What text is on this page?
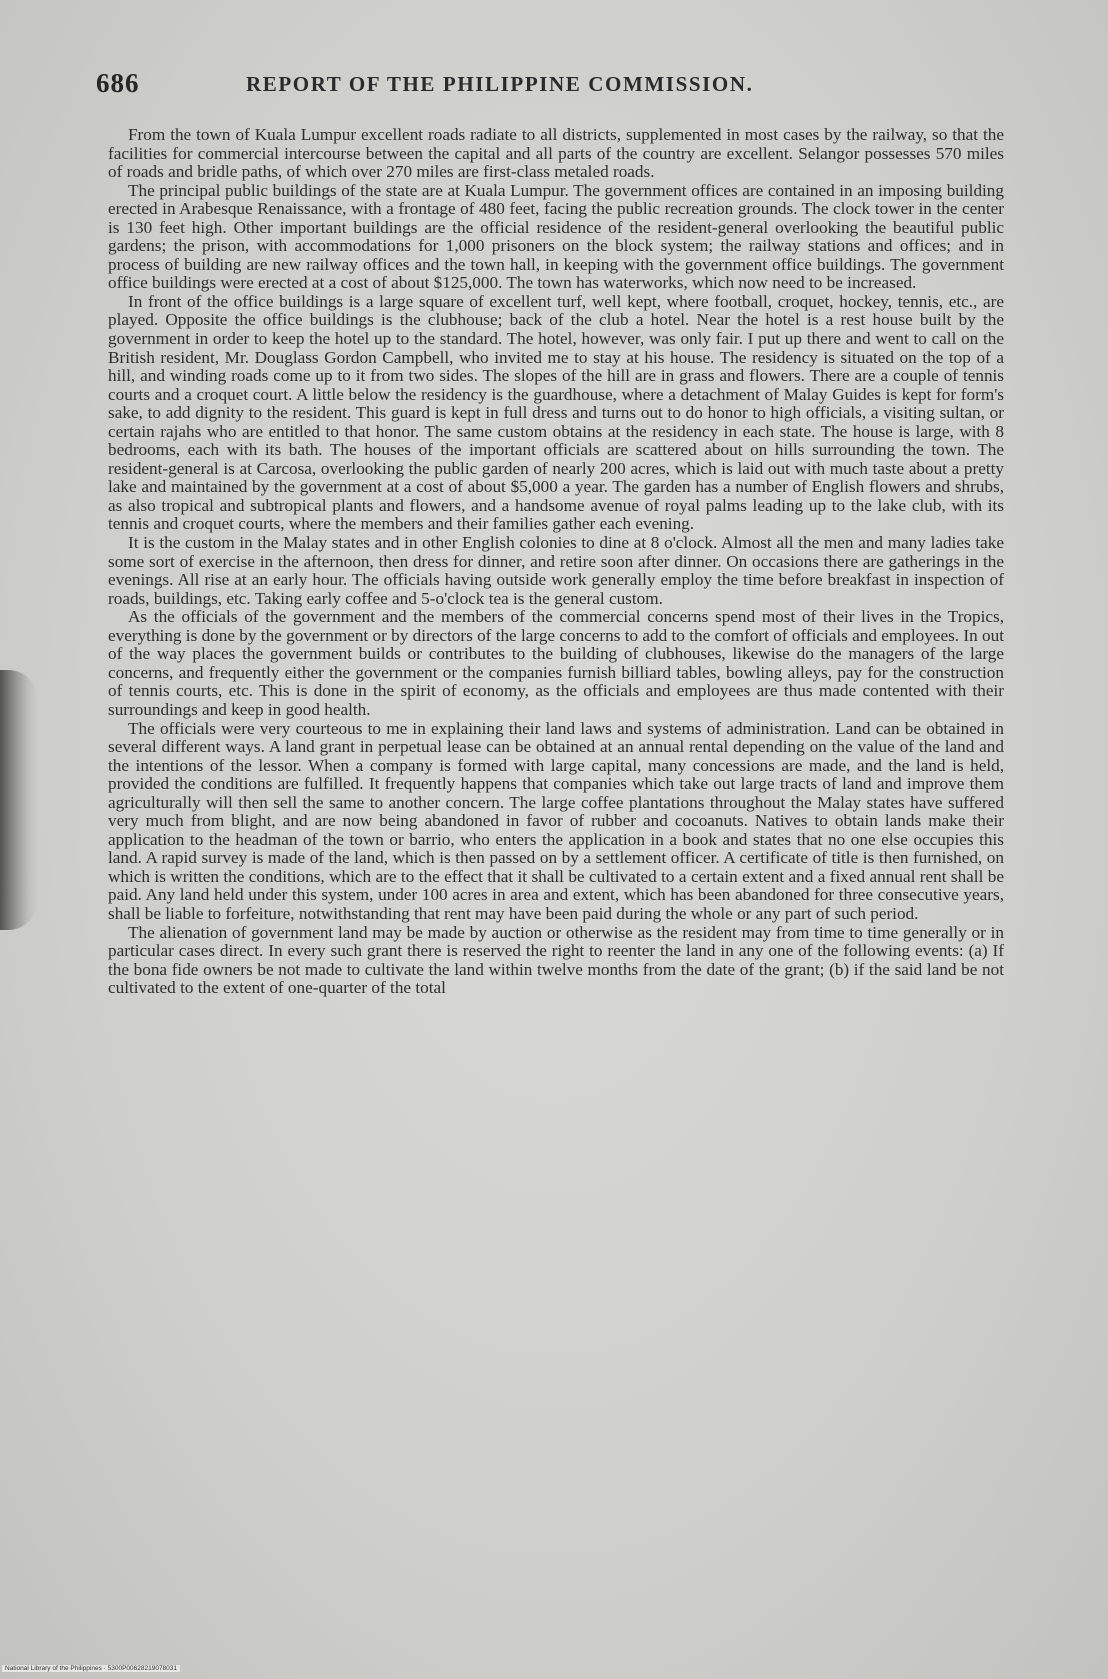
686	REPORT OF THE PHILIPPINE COMMISSION.

From the town of Kuala Lumpur excellent roads radiate to all districts, supplemented in most cases by the railway, so that the facilities for commercial intercourse between the capital and all parts of the country are excellent. Selangor possesses 570 miles of roads and bridle paths, of which over 270 miles are first-class metaled roads.

The principal public buildings of the state are at Kuala Lumpur. The government offices are contained in an imposing building erected in Arabesque Renaissance, with a frontage of 480 feet, facing the public recreation grounds. The clock tower in the center is 130 feet high. Other important buildings are the official residence of the resident-general overlooking the beautiful public gardens; the prison, with accommodations for 1,000 prisoners on the block system; the railway stations and offices; and in process of building are new railway offices and the town hall, in keeping with the government office buildings. The government office buildings were erected at a cost of about $125,000. The town has waterworks, which now need to be increased.

In front of the office buildings is a large square of excellent turf, well kept, where football, croquet, hockey, tennis, etc., are played. Opposite the office buildings is the clubhouse; back of the club a hotel. Near the hotel is a rest house built by the government in order to keep the hotel up to the standard. The hotel, however, was only fair. I put up there and went to call on the British resident, Mr. Douglass Gordon Campbell, who invited me to stay at his house. The residency is situated on the top of a hill, and winding roads come up to it from two sides. The slopes of the hill are in grass and flowers. There are a couple of tennis courts and a croquet court. A little below the residency is the guardhouse, where a detachment of Malay Guides is kept for form's sake, to add dignity to the resident. This guard is kept in full dress and turns out to do honor to high officials, a visiting sultan, or certain rajahs who are entitled to that honor. The same custom obtains at the residency in each state. The house is large, with 8 bedrooms, each with its bath. The houses of the important officials are scattered about on hills surrounding the town. The resident-general is at Carcosa, overlooking the public garden of nearly 200 acres, which is laid out with much taste about a pretty lake and maintained by the government at a cost of about $5,000 a year. The garden has a number of English flowers and shrubs, as also tropical and subtropical plants and flowers, and a handsome avenue of royal palms leading up to the lake club, with its tennis and croquet courts, where the members and their families gather each evening.

It is the custom in the Malay states and in other English colonies to dine at 8 o'clock. Almost all the men and many ladies take some sort of exercise in the afternoon, then dress for dinner, and retire soon after dinner. On occasions there are gatherings in the evenings. All rise at an early hour. The officials having outside work generally employ the time before breakfast in inspection of roads, buildings, etc. Taking early coffee and 5-o'clock tea is the general custom.

As the officials of the government and the members of the commercial concerns spend most of their lives in the Tropics, everything is done by the government or by directors of the large concerns to add to the comfort of officials and employees. In out of the way places the government builds or contributes to the building of clubhouses, likewise do the managers of the large concerns, and frequently either the government or the companies furnish billiard tables, bowling alleys, pay for the construction of tennis courts, etc. This is done in the spirit of economy, as the officials and employees are thus made contented with their surroundings and keep in good health.

The officials were very courteous to me in explaining their land laws and systems of administration. Land can be obtained in several different ways. A land grant in perpetual lease can be obtained at an annual rental depending on the value of the land and the intentions of the lessor. When a company is formed with large capital, many concessions are made, and the land is held, provided the conditions are fulfilled. It frequently happens that companies which take out large tracts of land and improve them agriculturally will then sell the same to another concern. The large coffee plantations throughout the Malay states have suffered very much from blight, and are now being abandoned in favor of rubber and cocoanuts. Natives to obtain lands make their application to the headman of the town or barrio, who enters the application in a book and states that no one else occupies this land. A rapid survey is made of the land, which is then passed on by a settlement officer. A certificate of title is then furnished, on which is written the conditions, which are to the effect that it shall be cultivated to a certain extent and a fixed annual rent shall be paid. Any land held under this system, under 100 acres in area and extent, which has been abandoned for three consecutive years, shall be liable to forfeiture, notwithstanding that rent may have been paid during the whole or any part of such period.

The alienation of government land may be made by auction or otherwise as the resident may from time to time generally or in particular cases direct. In every such grant there is reserved the right to reenter the land in any one of the following events: (a) If the bona fide owners be not made to cultivate the land within twelve months from the date of the grant; (b) if the said land be not cultivated to the extent of one-quarter of the total

National Library of the Philippines · 5300P00628219078031
